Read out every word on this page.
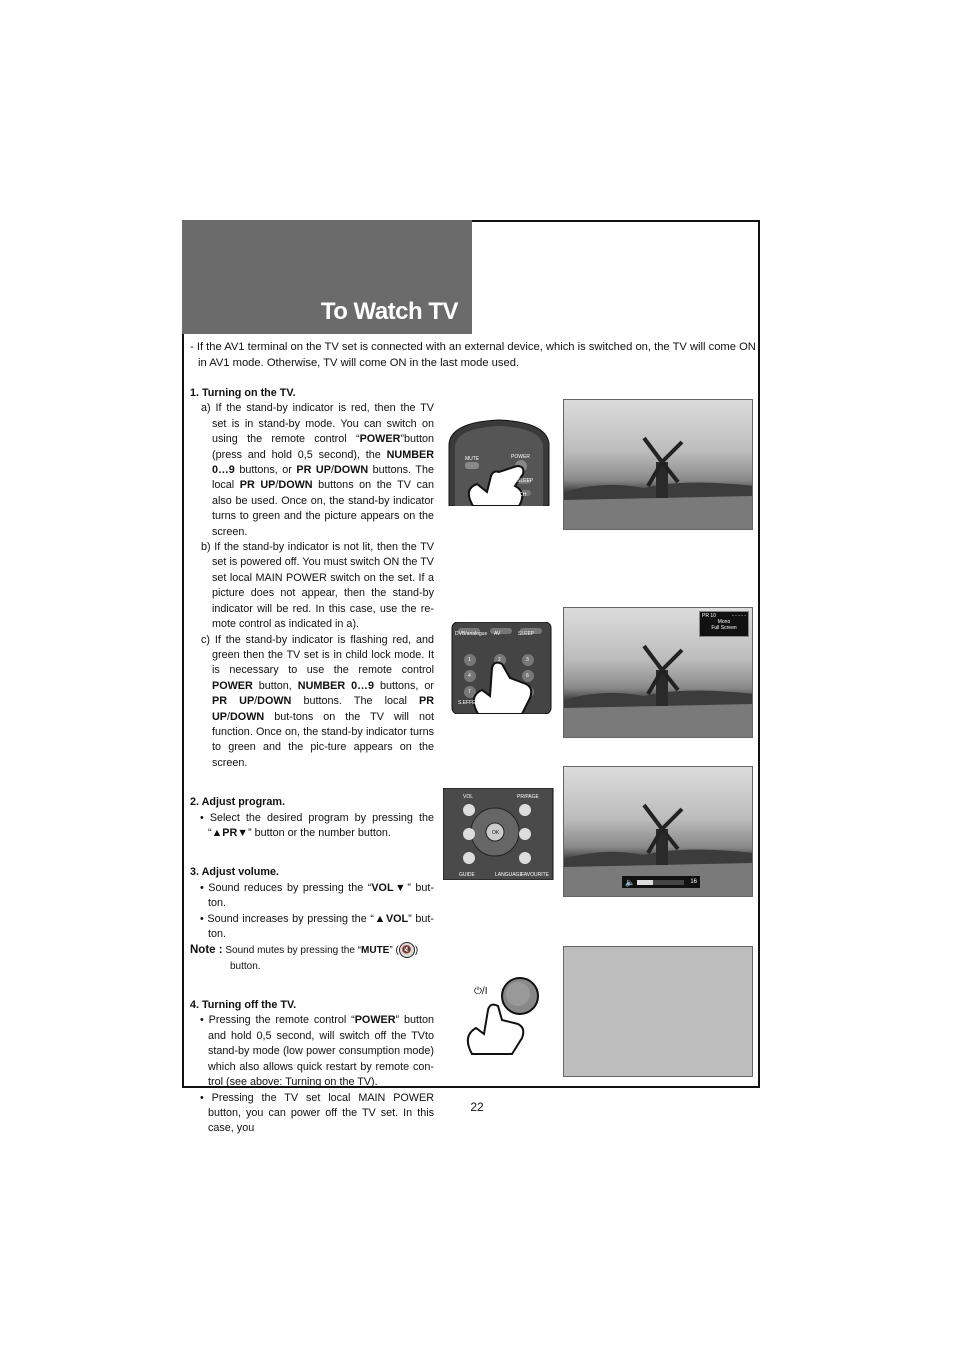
To Watch TV
- If the AV1 terminal on the TV set is connected with an external device, which is switched on, the TV will come ON
in AV1 mode. Otherwise, TV will come ON in the last mode used.
1. Turning on the TV.
a) If the stand-by indicator is red, then the TV set is in stand-by mode. You can switch on using the remote control “POWER”button (press and hold 0,5 second), the NUMBER 0…9 buttons, or PR UP/DOWN buttons. The local PR UP/DOWN buttons on the TV can also be used. Once on, the stand-by indicator turns to green and the picture appears on the screen.
b) If the stand-by indicator is not lit, then the TV set is powered off. You must switch ON the TV set local MAIN POWER switch on the set. If a picture does not appear, then the stand-by indicator will be red. In this case, use the re-mote control as indicated in a).
c) If the stand-by indicator is flashing red, and green then the TV set is in child lock mode. It is necessary to use the remote control POWER button, NUMBER 0…9 buttons, or PR UP/DOWN buttons. The local PR UP/DOWN but-tons on the TV will not function. Once on, the stand-by indicator turns to green and the pic-ture appears on the screen.
2. Adjust program.
• Select the desired program by pressing the “▲PR▼” button or the number button.
3. Adjust volume.
• Sound reduces by pressing the “VOL▼” but-ton.
• Sound increases by pressing the “▲VOL” but-ton.
Note : Sound mutes by pressing the “MUTE” ( 🔇 ) button.
4. Turning off the TV.
• Pressing the remote control “POWER” button and hold 0,5 second, will switch off the TVto stand-by mode (low power consumption mode) which also allows quick restart by remote con-trol (see above: Turning on the TV).
• Pressing the TV set local MAIN POWER button, you can power off the TV set. In this case, you
MUTE	POWER
SLEEP
CH
DVB/analogue AV	SLEEP
1	2	3
4	6
7
S.EFFECT
VOL	PR/PAGE
OK
GUIDE	LANGUAGE
FAVOURITE
⏻/I
PR 10	- - - - -
Mono
Full Screen
🔈	16
22
